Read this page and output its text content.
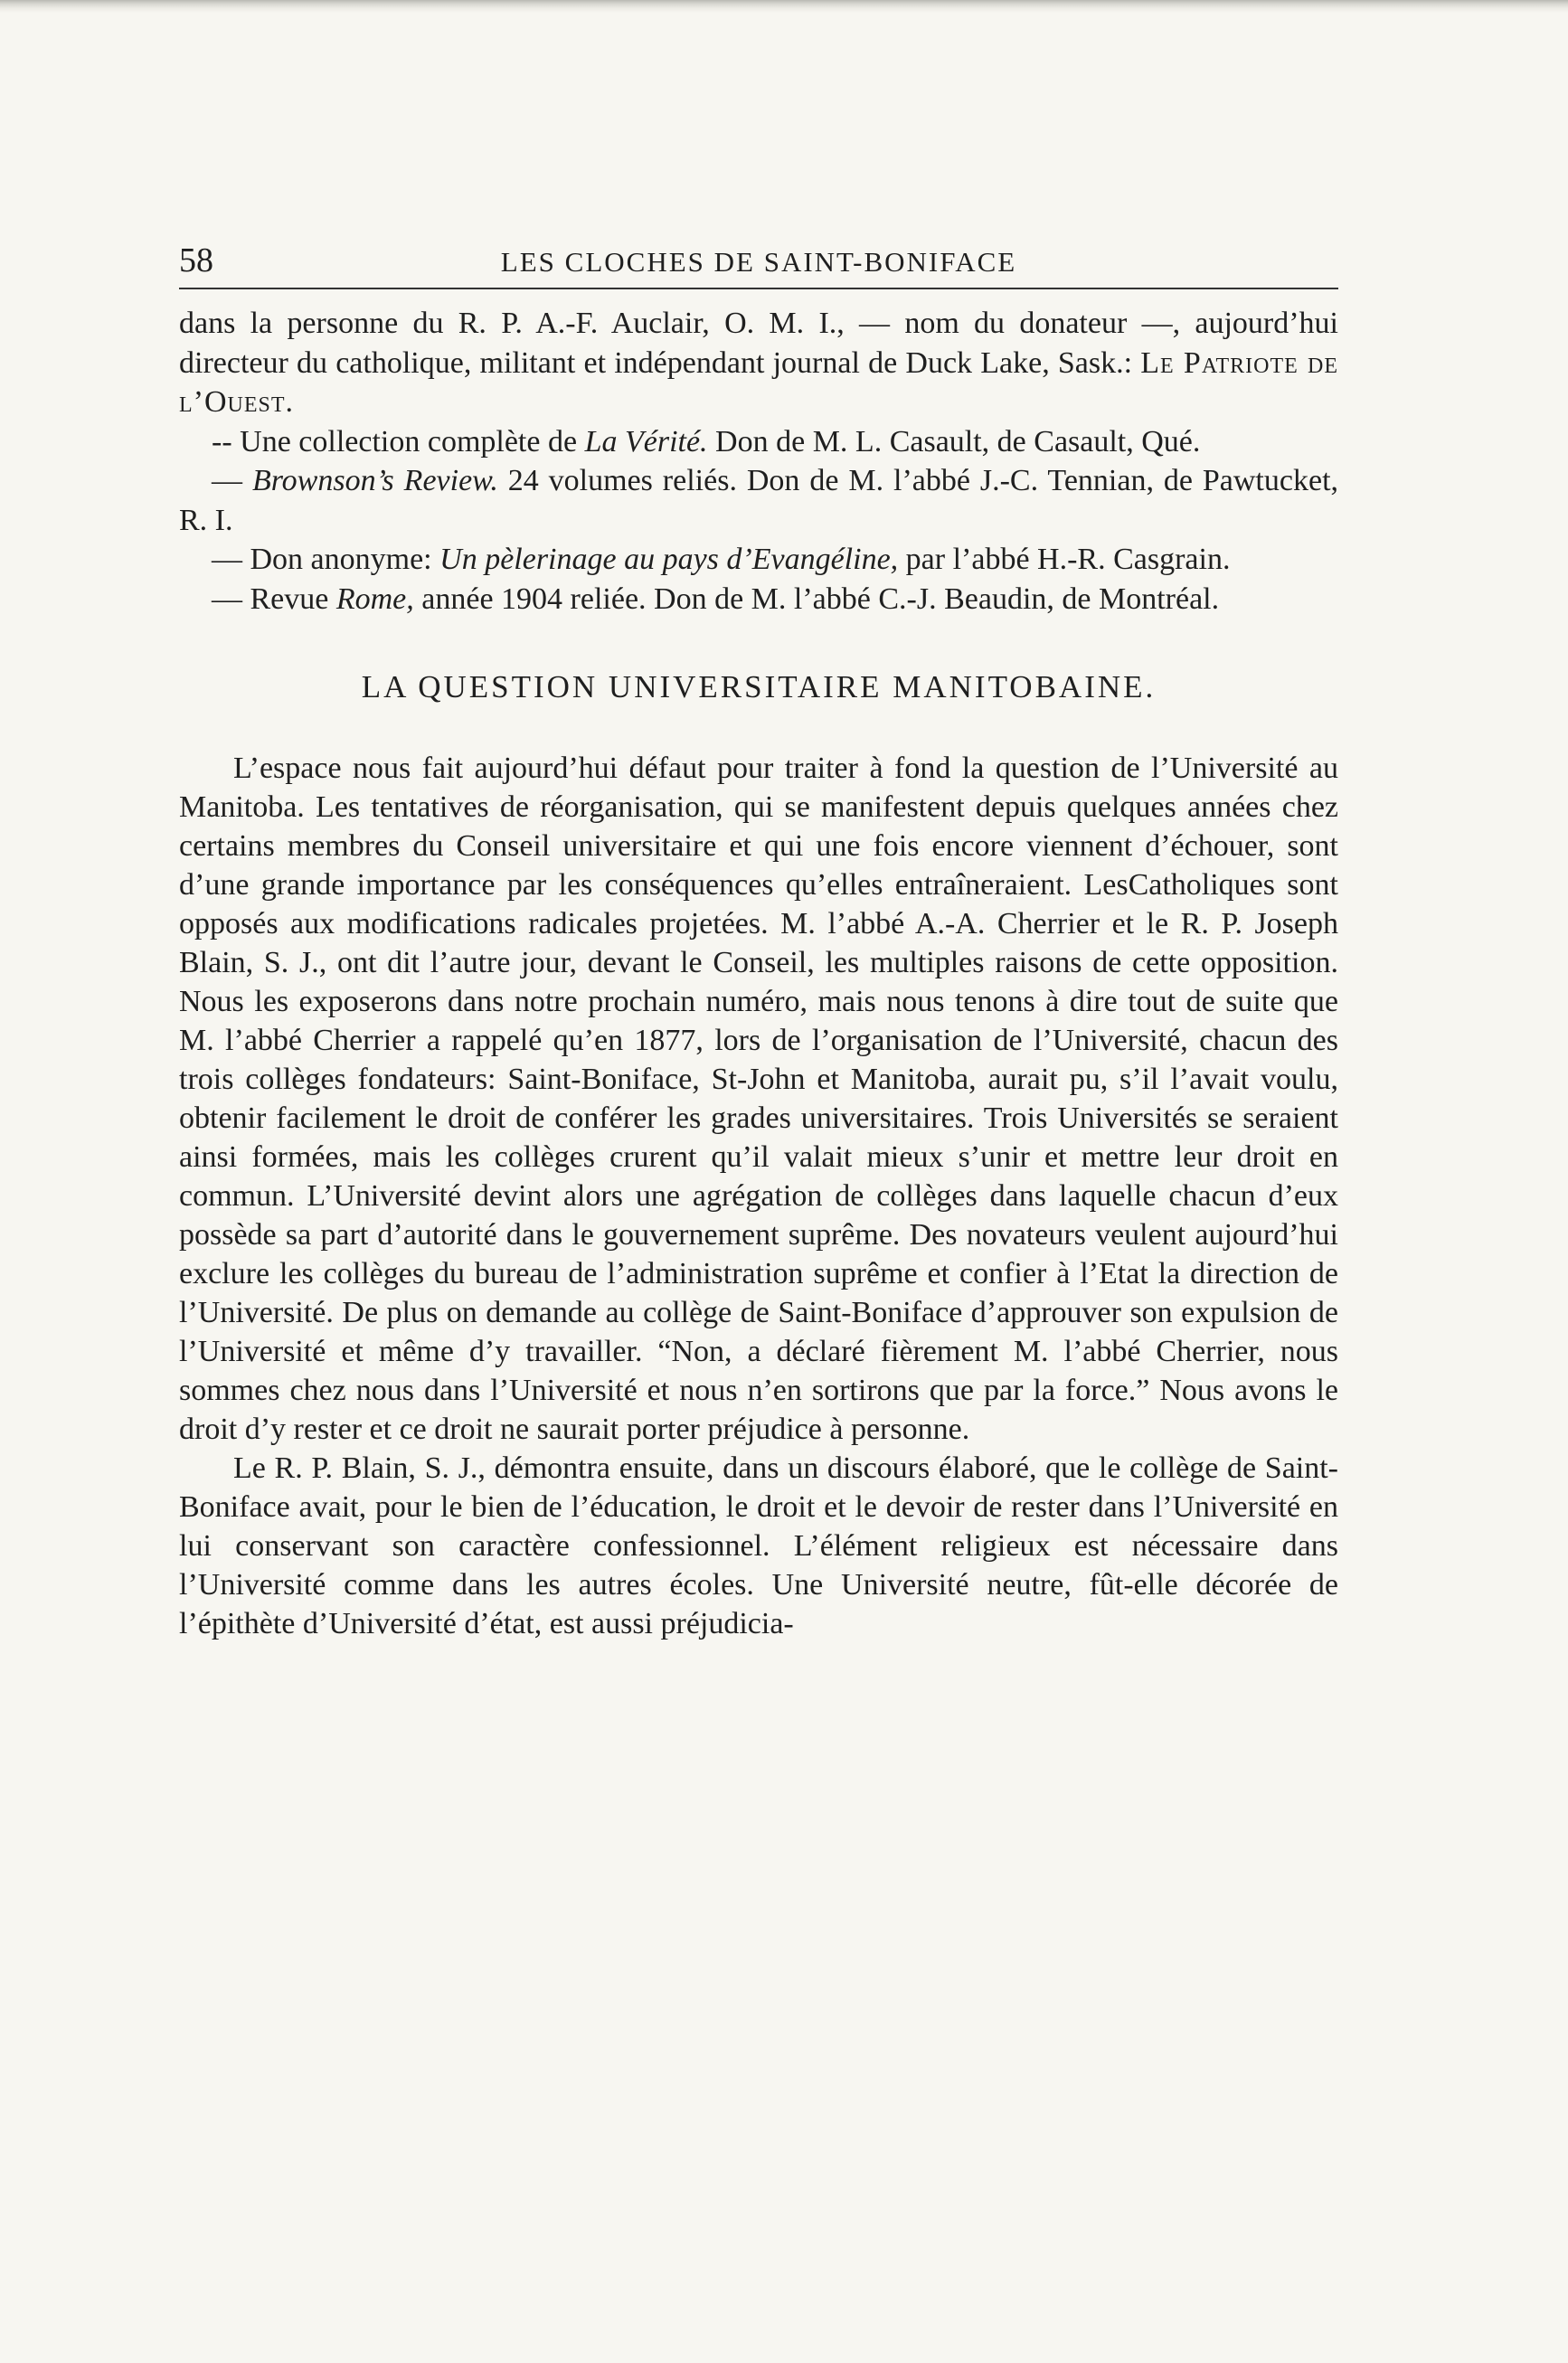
58	LES CLOCHES DE SAINT-BONIFACE

dans la personne du R. P. A.-F. Auclair, O. M. I., — nom du donateur —, aujourd’hui directeur du catholique, militant et indépendant journal de Duck Lake, Sask.: Le Patriote de l’Ouest.

-- Une collection complète de La Vérité. Don de M. L. Casault, de Casault, Qué.

— Brownson’s Review. 24 volumes reliés. Don de M. l’abbé J.-C. Tennian, de Pawtucket, R. I.

— Don anonyme: Un pèlerinage au pays d’Evangéline, par l’abbé H.-R. Casgrain.

— Revue Rome, année 1904 reliée. Don de M. l’abbé C.-J. Beaudin, de Montréal.

LA QUESTION UNIVERSITAIRE MANITOBAINE.

L’espace nous fait aujourd’hui défaut pour traiter à fond la question de l’Université au Manitoba. Les tentatives de réorganisation, qui se manifestent depuis quelques années chez certains membres du Conseil universitaire et qui une fois encore viennent d’échouer, sont d’une grande importance par les conséquences qu’elles entraîneraient. LesCatholiques sont opposés aux modifications radicales projetées. M. l’abbé A.-A. Cherrier et le R. P. Joseph Blain, S. J., ont dit l’autre jour, devant le Conseil, les multiples raisons de cette opposition. Nous les exposerons dans notre prochain numéro, mais nous tenons à dire tout de suite que M. l’abbé Cherrier a rappelé qu’en 1877, lors de l’organisation de l’Université, chacun des trois collèges fondateurs: Saint-Boniface, St-John et Manitoba, aurait pu, s’il l’avait voulu, obtenir facilement le droit de conférer les grades universitaires. Trois Universités se seraient ainsi formées, mais les collèges crurent qu’il valait mieux s’unir et mettre leur droit en commun. L’Université devint alors une agrégation de collèges dans laquelle chacun d’eux possède sa part d’autorité dans le gouvernement suprême. Des novateurs veulent aujourd’hui exclure les collèges du bureau de l’administration suprême et confier à l’Etat la direction de l’Université. De plus on demande au collège de Saint-Boniface d’approuver son expulsion de l’Université et même d’y travailler. “Non, a déclaré fièrement M. l’abbé Cherrier, nous sommes chez nous dans l’Université et nous n’en sortirons que par la force.” Nous avons le droit d’y rester et ce droit ne saurait porter préjudice à personne.

Le R. P. Blain, S. J., démontra ensuite, dans un discours élaboré, que le collège de Saint-Boniface avait, pour le bien de l’éducation, le droit et le devoir de rester dans l’Université en lui conservant son caractère confessionnel. L’élément religieux est nécessaire dans l’Université comme dans les autres écoles. Une Université neutre, fût-elle décorée de l’épithète d’Université d’état, est aussi préjudicia-
